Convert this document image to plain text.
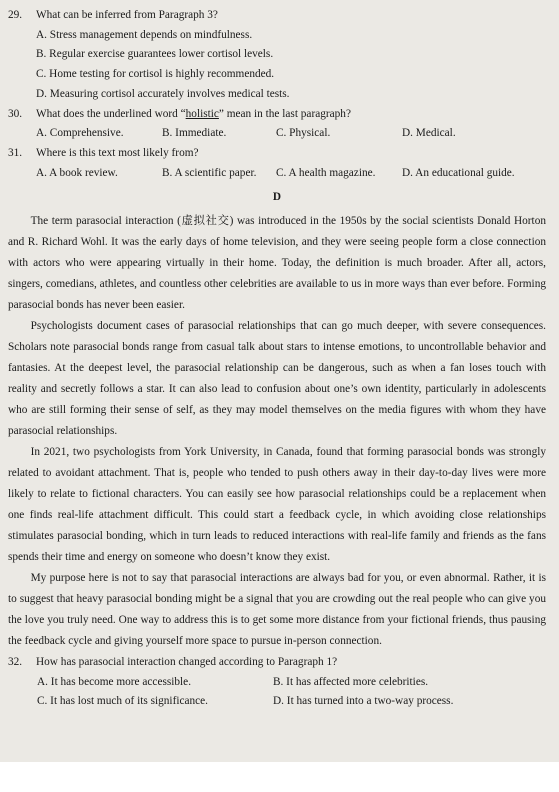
29.	What can be inferred from Paragraph 3?
A. Stress management depends on mindfulness.
B. Regular exercise guarantees lower cortisol levels.
C. Home testing for cortisol is highly recommended.
D. Measuring cortisol accurately involves medical tests.
30.	What does the underlined word “holistic” mean in the last paragraph?
A. Comprehensive.	B. Immediate.	C. Physical.	D. Medical.
31.	Where is this text most likely from?
A. A book review.	B. A scientific paper.	C. A health magazine.	D. An educational guide.
D

The term parasocial interaction (虚拟社交) was introduced in the 1950s by the social scientists Donald Horton and R. Richard Wohl. It was the early days of home television, and they were seeing people form a close connection with actors who were appearing virtually in their home. Today, the definition is much broader. After all, actors, singers, comedians, athletes, and countless other celebrities are available to us in more ways than ever before. Forming parasocial bonds has never been easier.

Psychologists document cases of parasocial relationships that can go much deeper, with severe consequences. Scholars note parasocial bonds range from casual talk about stars to intense emotions, to uncontrollable behavior and fantasies. At the deepest level, the parasocial relationship can be dangerous, such as when a fan loses touch with reality and secretly follows a star. It can also lead to confusion about one’s own identity, particularly in adolescents who are still forming their sense of self, as they may model themselves on the media figures with whom they have parasocial relationships.

In 2021, two psychologists from York University, in Canada, found that forming parasocial bonds was strongly related to avoidant attachment. That is, people who tended to push others away in their day-to-day lives were more likely to relate to fictional characters. You can easily see how parasocial relationships could be a replacement when one finds real-life attachment difficult. This could start a feedback cycle, in which avoiding close relationships stimulates parasocial bonding, which in turn leads to reduced interactions with real-life family and friends as the fans spends their time and energy on someone who doesn’t know they exist.

My purpose here is not to say that parasocial interactions are always bad for you, or even abnormal. Rather, it is to suggest that heavy parasocial bonding might be a signal that you are crowding out the real people who can give you the love you truly need. One way to address this is to get some more distance from your fictional friends, thus pausing the feedback cycle and giving yourself more space to pursue in-person connection.

32.	How has parasocial interaction changed according to Paragraph 1?
A. It has become more accessible.	B. It has affected more celebrities.
C. It has lost much of its significance.	D. It has turned into a two-way process.
